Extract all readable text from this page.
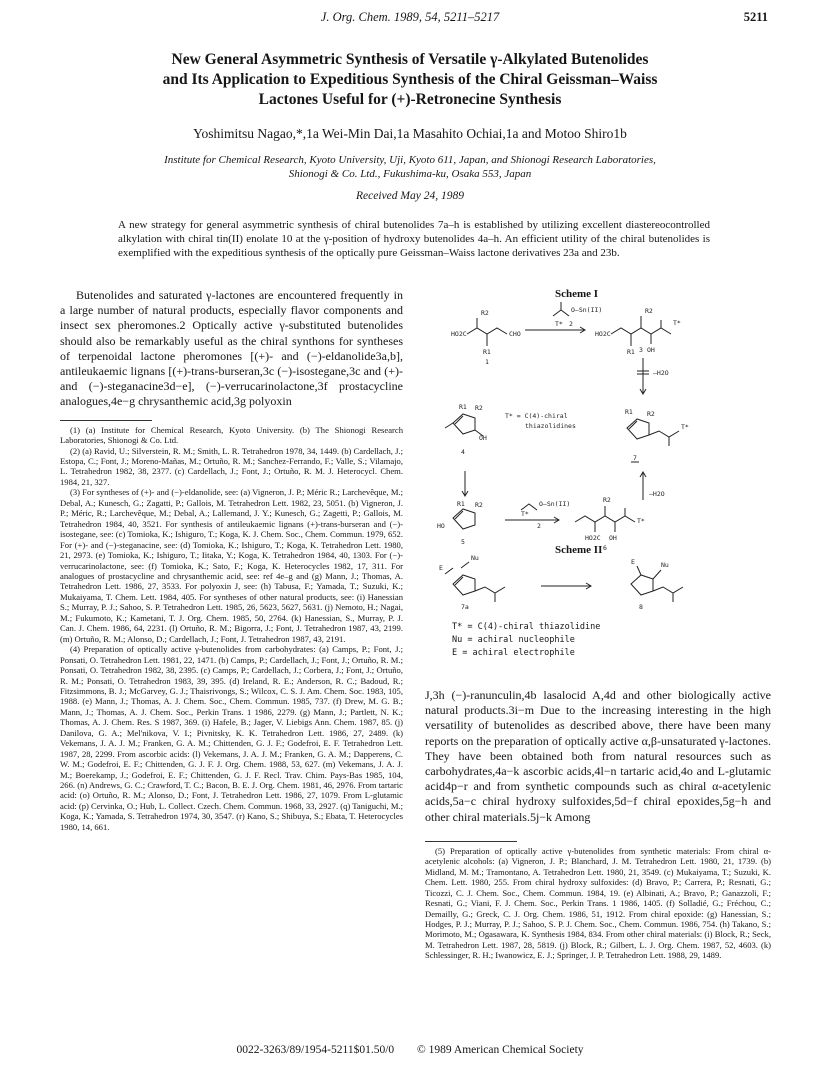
J. Org. Chem. 1989, 54, 5211–5217	5211
New General Asymmetric Synthesis of Versatile γ-Alkylated Butenolides
and Its Application to Expeditious Synthesis of the Chiral Geissman–Waiss
Lactones Useful for (+)-Retronecine Synthesis
Yoshimitsu Nagao,*,1a Wei-Min Dai,1a Masahito Ochiai,1a and Motoo Shiro1b
Institute for Chemical Research, Kyoto University, Uji, Kyoto 611, Japan, and Shionogi Research Laboratories,
Shionogi & Co. Ltd., Fukushima-ku, Osaka 553, Japan
Received May 24, 1989
A new strategy for general asymmetric synthesis of chiral butenolides 7a–h is established by utilizing excellent diastereocontrolled alkylation with chiral tin(II) enolate 10 at the γ-position of hydroxy butenolides 4a–h. An efficient utility of the chiral butenolides is exemplified with the expeditious synthesis of the optically pure Geissman–Waiss lactone derivatives 23a and 23b.

Butenolides and saturated γ-lactones are encountered frequently in a large number of natural products, especially flavor components and insect sex pheromones.2 Optically active γ-substituted butenolides should also be remarkably useful as the chiral synthons for syntheses of terpenoidal lactone pheromones [(+)- and (−)-eldanolide3a,b], antileukaemic lignans [(+)-trans-burseran,3c (−)-isostegane,3c and (+)- and (−)-steganacine3d−e], (−)-verrucarinolactone,3f prostacycline analogues,4e−g chrysanthemic acid,3g polyoxin

(1) (a) Institute for Chemical Research, Kyoto University. (b) The Shionogi Research Laboratories, Shionogi & Co. Ltd.

(2) (a) Ravid, U.; Silverstein, R. M.; Smith, L. R. Tetrahedron 1978, 34, 1449. (b) Cardellach, J.; Estopa, C.; Font, J.; Moreno-Mañas, M.; Ortuño, R. M.; Sanchez-Ferrando, F.; Valle, S.; Vilamajo, L. Tetrahedron 1982, 38, 2377. (c) Cardellach, J.; Font, J.; Ortuño, R. M. J. Heterocycl. Chem. 1984, 21, 327.

(3) For syntheses of (+)- and (−)-eldanolide, see: (a) Vigneron, J. P.; Méric R.; Larchevêque, M.; Debal, A.; Kunesch, G.; Zagatti, P.; Gallois, M. Tetrahedron Lett. 1982, 23, 5051. (b) Vigneron, J. P.; Méric, R.; Larchevêque, M.; Debal, A.; Lallemand, J. Y.; Kunesch, G.; Zagetti, P.; Gallois, M. Tetrahedron 1984, 40, 3521. For synthesis of antileukaemic lignans (+)-trans-burseran and (−)-isostegane, see: (c) Tomioka, K.; Ishiguro, T.; Koga, K. J. Chem. Soc., Chem. Commun. 1979, 652. For (+)- and (−)-steganacine, see: (d) Tomioka, K.; Ishiguro, T.; Koga, K. Tetrahedron Lett. 1980, 21, 2973. (e) Tomioka, K.; Ishiguro, T.; Iitaka, Y.; Koga, K. Tetrahedron 1984, 40, 1303. For (−)-verrucarinolactone, see: (f) Tomioka, K.; Sato, F.; Koga, K. Heterocycles 1982, 17, 311. For analogues of prostacycline and chrysanthemic acid, see: ref 4e–g and (g) Mann, J.; Thomas, A. Tetrahedron Lett. 1986, 27, 3533. For polyoxin J, see: (h) Tabusa, F.; Yamada, T.; Suzuki, K.; Mukaiyama, T. Chem. Lett. 1984, 405. For syntheses of other natural products, see: (i) Hanessian S.; Murray, P. J.; Sahoo, S. P. Tetrahedron Lett. 1985, 26, 5623, 5627, 5631. (j) Nemoto, H.; Nagai, M.; Fukumoto, K.; Kametani, T. J. Org. Chem. 1985, 50, 2764. (k) Hanessian, S., Murray, P. J. Can. J. Chem. 1986, 64, 2231. (l) Ortuño, R. M.; Bigorra, J.; Font, J. Tetrahedron 1987, 43, 2199. (m) Ortuño, R. M.; Alonso, D.; Cardellach, J.; Font, J. Tetrahedron 1987, 43, 2191.

(4) Preparation of optically active γ-butenolides from carbohydrates: (a) Camps, P.; Font, J.; Ponsati, O. Tetrahedron Lett. 1981, 22, 1471. (b) Camps, P.; Cardellach, J.; Font, J.; Ortuño, R. M.; Ponsati, O. Tetrahedron 1982, 38, 2395. (c) Camps, P.; Cardellach, J.; Corbera, J.; Font, J.; Ortuño, R. M.; Ponsati, O. Tetrahedron 1983, 39, 395. (d) Ireland, R. E.; Anderson, R. C.; Badoud, R.; Fitzsimmons, B. J.; McGarvey, G. J.; Thaisrivongs, S.; Wilcox, C. S. J. Am. Chem. Soc. 1983, 105, 1988. (e) Mann, J.; Thomas, A. J. Chem. Soc., Chem. Commun. 1985, 737. (f) Drew, M. G. B.; Mann, J.; Thomas, A. J. Chem. Soc., Perkin Trans. 1 1986, 2279. (g) Mann, J.; Partlett, N. K.; Thomas, A. J. Chem. Res. S 1987, 369. (i) Hafele, B.; Jager, V. Liebigs Ann. Chem. 1987, 85. (j) Danilova, G. A.; Mel'nikova, V. I.; Pivnitsky, K. K. Tetrahedron Lett. 1986, 27, 2489. (k) Vekemans, J. A. J. M.; Franken, G. A. M.; Chittenden, G. J. F.; Godefroi, E. F. Tetrahedron Lett. 1987, 28, 2299. From ascorbic acids: (l) Vekemans, J. A. J. M.; Franken, G. A. M.; Dapperens, C. W. M.; Godefroi, E. F.; Chittenden, G. J. F. J. Org. Chem. 1988, 53, 627. (m) Vekemans, J. A. J. M.; Boerekamp, J.; Godefroi, E. F.; Chittenden, G. J. F. Recl. Trav. Chim. Pays-Bas 1985, 104, 266. (n) Andrews, G. C.; Crawford, T. C.; Bacon, B. E. J. Org. Chem. 1981, 46, 2976. From tartaric acid: (o) Ortuño, R. M.; Alonso, D.; Font, J. Tetrahedron Lett. 1986, 27, 1079. From L-glutamic acid: (p) Cervinka, O.; Hub, L. Collect. Czech. Chem. Commun. 1968, 33, 2927. (q) Taniguchi, M.; Koga, K.; Yamada, S. Tetrahedron 1974, 30, 3547. (r) Kano, S.; Shibuya, S.; Ebata, T. Heterocycles 1980, 14, 661.

Scheme I
HO2C	CHO
R2
R1
1
O–Sn(II)
T* 2
HO2C
R2
R1 OH
3
T*
–H2O
R1 R2
OH
4
T* = C(4)-chiral
thiazolidines
R1 R2
T*
7
R1 R2
HO
5
O–Sn(II)
T*
2
R2
HO2C OH
T*
6
–H2O
E
Nu
7a
E	Nu
8
Scheme II
T* = C(4)-chiral thiazolidine
Nu = achiral nucleophile
E = achiral electrophile

J,3h (−)-ranunculin,4b lasalocid A,4d and other biologically active natural products.3i−m Due to the increasing interesting in the high versatility of butenolides as described above, there have been many reports on the preparation of optically active α,β-unsaturated γ-lactones. They have been obtained both from natural resources such as carbohydrates,4a−k ascorbic acids,4l−n tartaric acid,4o and L-glutamic acid4p−r and from synthetic compounds such as chiral α-acetylenic acids,5a−c chiral hydroxy sulfoxides,5d−f chiral epoxides,5g−h and other chiral materials.5j−k Among

(5) Preparation of optically active γ-butenolides from synthetic materials: From chiral α-acetylenic alcohols: (a) Vigneron, J. P.; Blanchard, J. M. Tetrahedron Lett. 1980, 21, 1739. (b) Midland, M. M.; Tramontano, A. Tetrahedron Lett. 1980, 21, 3549. (c) Mukaiyama, T.; Suzuki, K. Chem. Lett. 1980, 255. From chiral hydroxy sulfoxides: (d) Bravo, P.; Carrera, P.; Resnati, G.; Ticozzi, C. J. Chem. Soc., Chem. Commun. 1984, 19. (e) Albinati, A.; Bravo, P.; Ganazzoli, F.; Resnati, G.; Viani, F. J. Chem. Soc., Perkin Trans. 1 1986, 1405. (f) Solladié, G.; Fréchou, C.; Demailly, G.; Greck, C. J. Org. Chem. 1986, 51, 1912. From chiral epoxide: (g) Hanessian, S.; Hodges, P. J.; Murray, P. J.; Sahoo, S. P. J. Chem. Soc., Chem. Commun. 1986, 754. (h) Takano, S.; Morimoto, M.; Ogasawara, K. Synthesis 1984, 834. From other chiral materials: (i) Block, R.; Seck, M. Tetrahedron Lett. 1987, 28, 5819. (j) Block, R.; Gilbert, L. J. Org. Chem. 1987, 52, 4603. (k) Schlessinger, R. H.; Iwanowicz, E. J.; Springer, J. P. Tetrahedron Lett. 1988, 29, 1489.

0022-3263/89/1954-5211$01.50/0 © 1989 American Chemical Society
